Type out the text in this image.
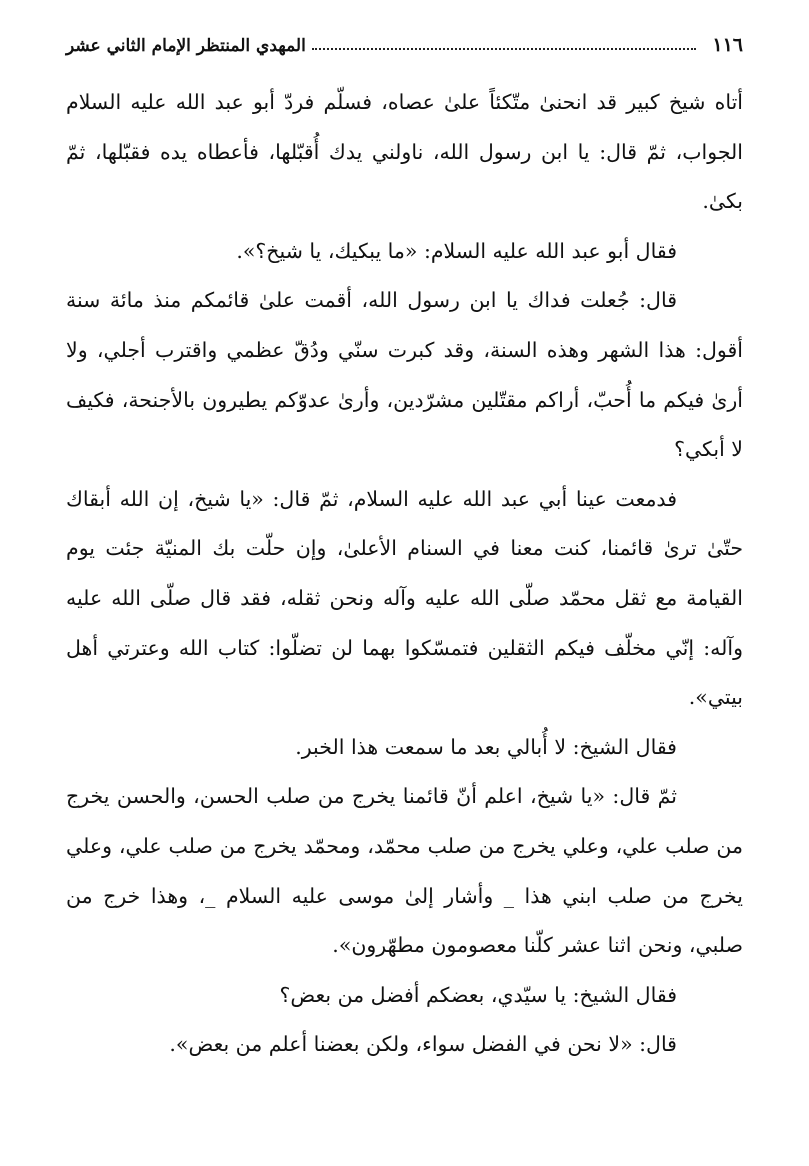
١١٦
المهدي المنتظر الإمام الثاني عشر

أتاه شيخ كبير قد انحنىٰ متّكئاً علىٰ عصاه، فسلّم فردّ أبو عبد الله عليه السلام الجواب، ثمّ قال: يا ابن رسول الله، ناولني يدك أُقبّلها، فأعطاه يده فقبّلها، ثمّ بكىٰ.

فقال أبو عبد الله عليه السلام: «ما يبكيك، يا شيخ؟».

قال: جُعلت فداك يا ابن رسول الله، أقمت علىٰ قائمكم منذ مائة سنة أقول: هذا الشهر وهذه السنة، وقد كبرت سنّي ودُقّ عظمي واقترب أجلي، ولا أرىٰ فيكم ما أُحبّ، أراكم مقتّلين مشرّدين، وأرىٰ عدوّكم يطيرون بالأجنحة، فكيف لا أبكي؟

فدمعت عينا أبي عبد الله عليه السلام، ثمّ قال: «يا شيخ، إن الله أبقاك حتّىٰ ترىٰ قائمنا، كنت معنا في السنام الأعلىٰ، وإن حلّت بك المنيّة جئت يوم القيامة مع ثقل محمّد صلّى الله عليه وآله ونحن ثقله، فقد قال صلّى الله عليه وآله: إنّي مخلّف فيكم الثقلين فتمسّكوا بهما لن تضلّوا: كتاب الله وعترتي أهل بيتي».

فقال الشيخ: لا أُبالي بعد ما سمعت هذا الخبر.

ثمّ قال: «يا شيخ، اعلم أنّ قائمنا يخرج من صلب الحسن، والحسن يخرج من صلب علي، وعلي يخرج من صلب محمّد، ومحمّد يخرج من صلب علي، وعلي يخرج من صلب ابني هذا _ وأشار إلىٰ موسى عليه السلام _، وهذا خرج من صلبي، ونحن اثنا عشر كلّنا معصومون مطهّرون».

فقال الشيخ: يا سيّدي، بعضكم أفضل من بعض؟

قال: «لا نحن في الفضل سواء، ولكن بعضنا أعلم من بعض».
